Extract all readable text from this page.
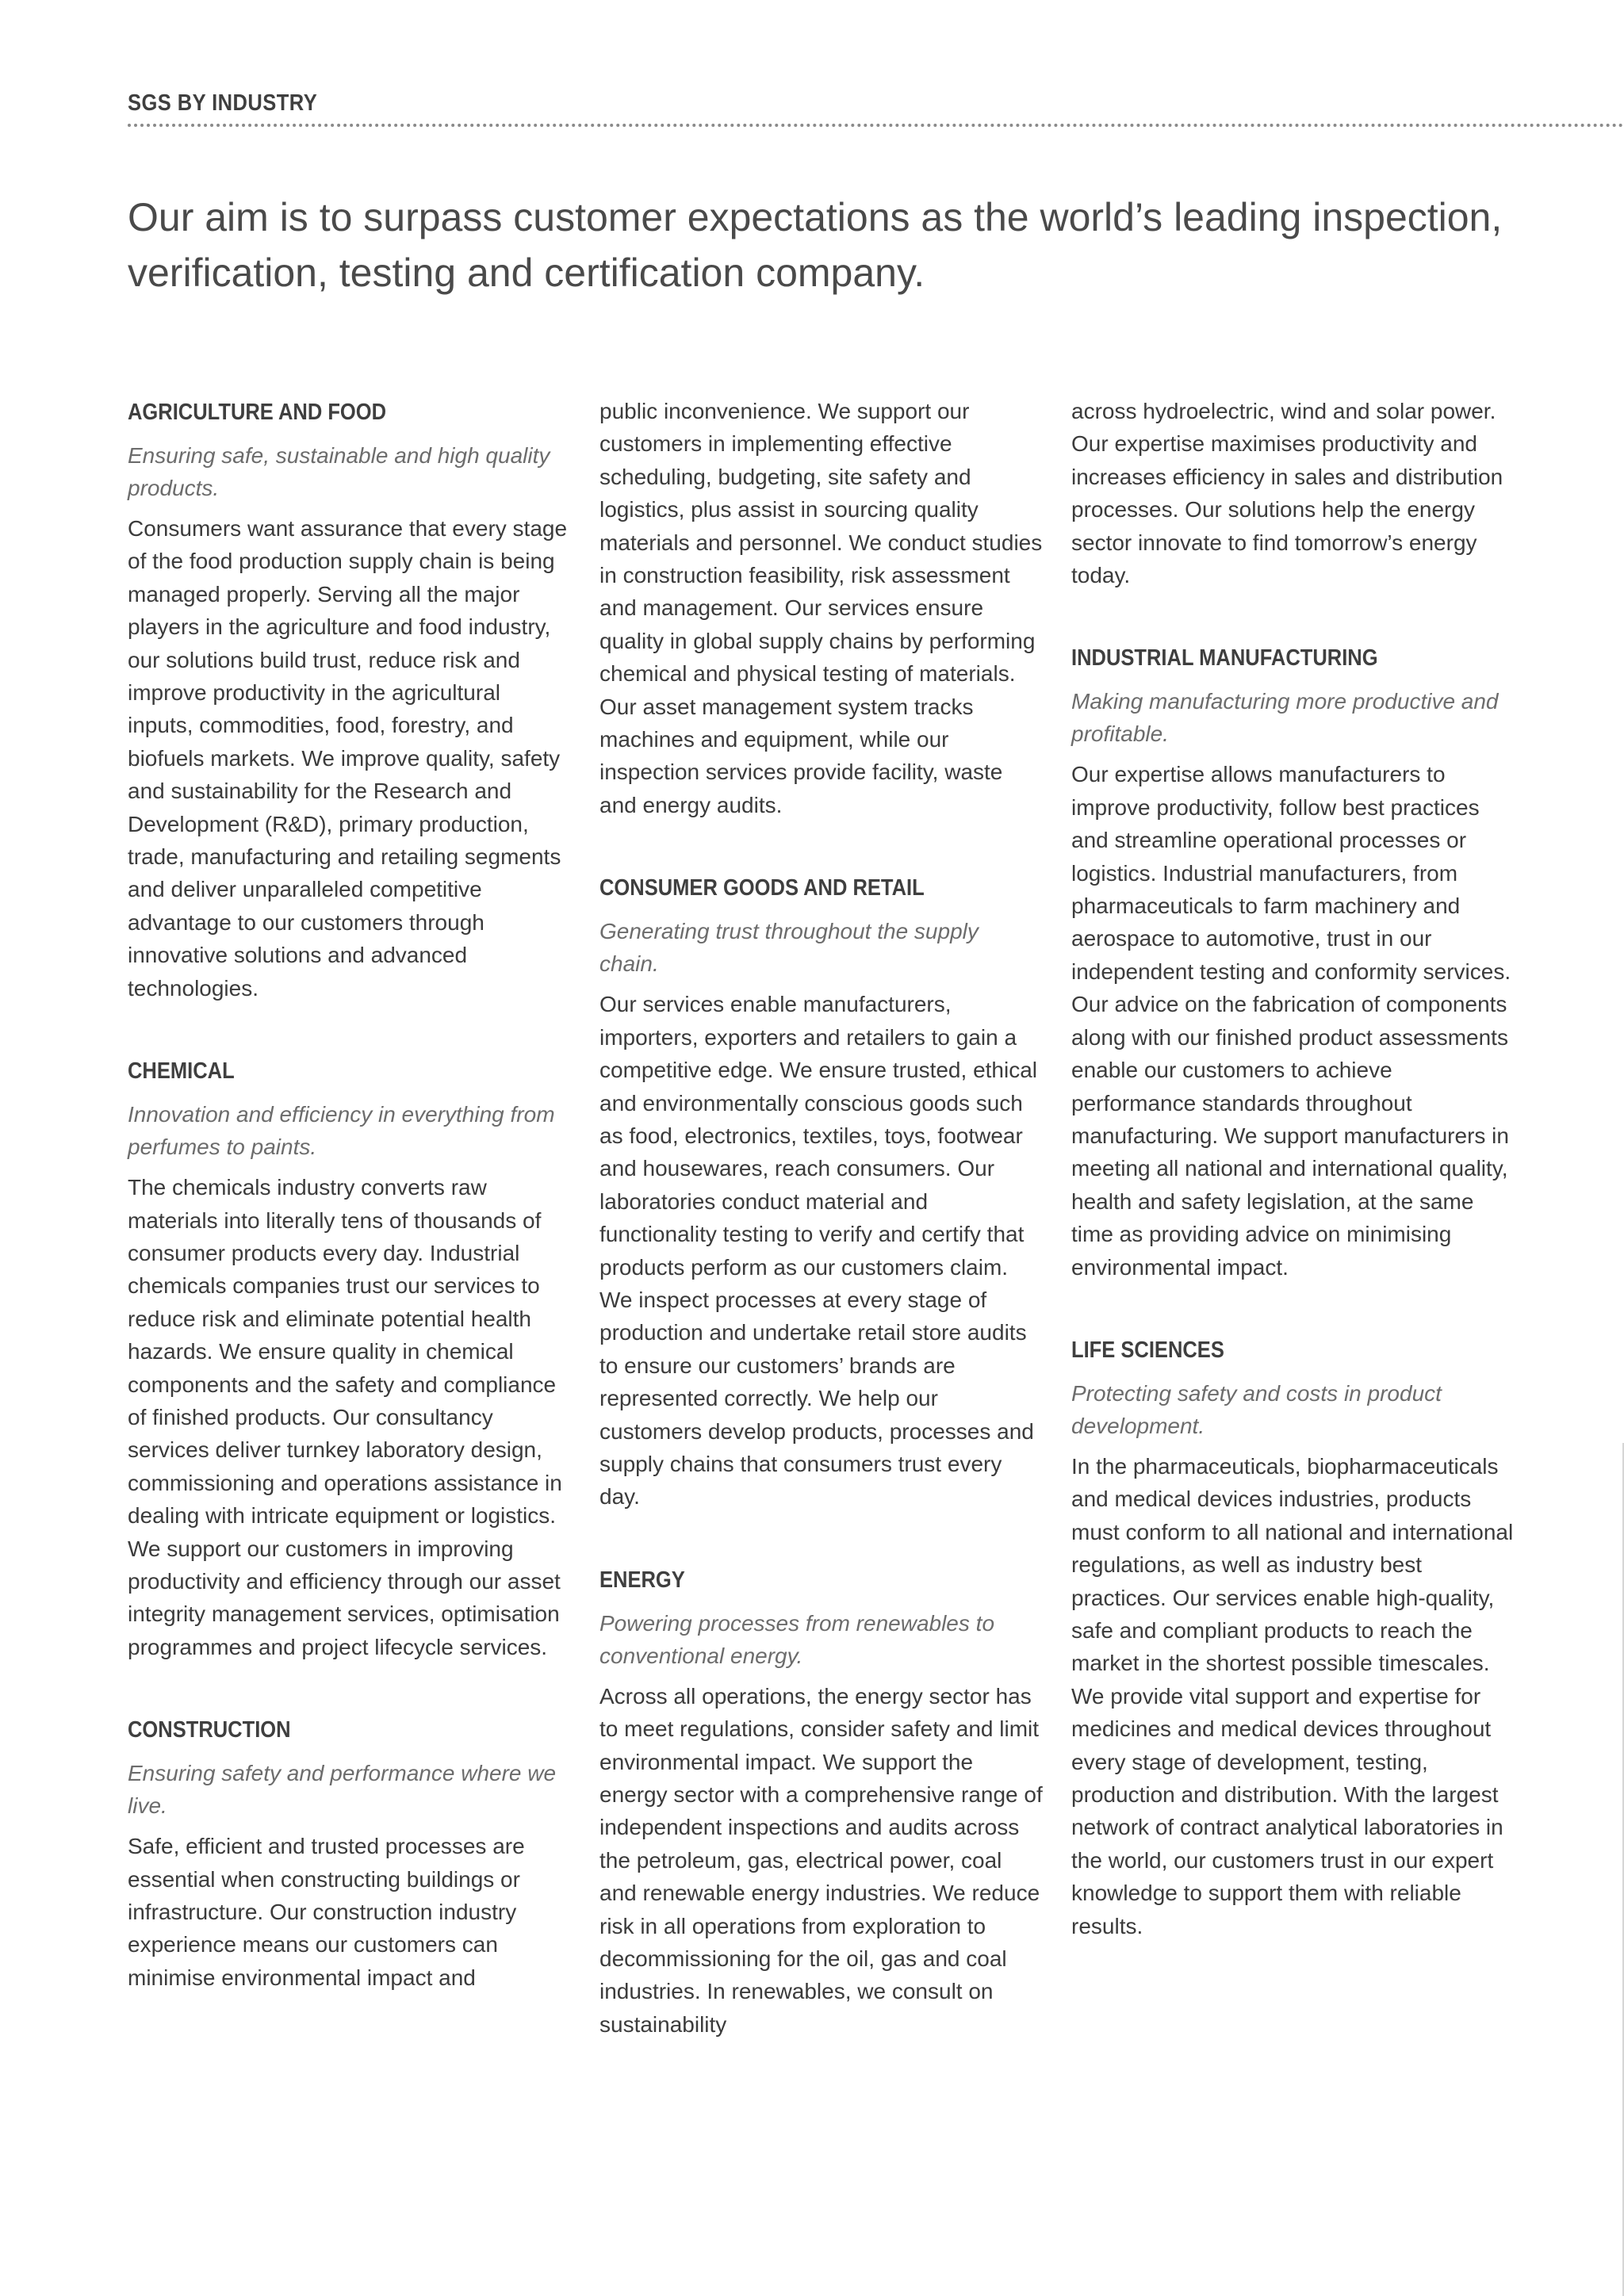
SGS BY INDUSTRY
Our aim is to surpass customer expectations as the world’s leading inspection, verification, testing and certification company.
AGRICULTURE AND FOOD

Ensuring safe, sustainable and high quality products.

Consumers want assurance that every stage of the food production supply chain is being managed properly. Serving all the major players in the agriculture and food industry, our solutions build trust, reduce risk and improve productivity in the agricultural inputs, commodities, food, forestry, and biofuels markets. We improve quality, safety and sustainability for the Research and Development (R&D), primary production, trade, manufacturing and retailing segments and deliver unparalleled competitive advantage to our customers through innovative solutions and advanced technologies.

CHEMICAL

Innovation and efficiency in everything from perfumes to paints.

The chemicals industry converts raw materials into literally tens of thousands of consumer products every day. Industrial chemicals companies trust our services to reduce risk and eliminate potential health hazards. We ensure quality in chemical components and the safety and compliance of finished products. Our consultancy services deliver turnkey laboratory design, commissioning and operations assistance in dealing with intricate equipment or logistics. We support our customers in improving productivity and efficiency through our asset integrity management services, optimisation programmes and project lifecycle services.

CONSTRUCTION

Ensuring safety and performance where we live.

Safe, efficient and trusted processes are essential when constructing buildings or infrastructure. Our construction industry experience means our customers can minimise environmental impact and

public inconvenience. We support our customers in implementing effective scheduling, budgeting, site safety and logistics, plus assist in sourcing quality materials and personnel. We conduct studies in construction feasibility, risk assessment and management. Our services ensure quality in global supply chains by performing chemical and physical testing of materials. Our asset management system tracks machines and equipment, while our inspection services provide facility, waste and energy audits.

CONSUMER GOODS AND RETAIL

Generating trust throughout the supply chain.

Our services enable manufacturers, importers, exporters and retailers to gain a competitive edge. We ensure trusted, ethical and environmentally conscious goods such as food, electronics, textiles, toys, footwear and housewares, reach consumers. Our laboratories conduct material and functionality testing to verify and certify that products perform as our customers claim. We inspect processes at every stage of production and undertake retail store audits to ensure our customers’ brands are represented correctly. We help our customers develop products, processes and supply chains that consumers trust every day.

ENERGY

Powering processes from renewables to conventional energy.

Across all operations, the energy sector has to meet regulations, consider safety and limit environmental impact. We support the energy sector with a comprehensive range of independent inspections and audits across the petroleum, gas, electrical power, coal and renewable energy industries. We reduce risk in all operations from exploration to decommissioning for the oil, gas and coal industries. In renewables, we consult on sustainability

across hydroelectric, wind and solar power. Our expertise maximises productivity and increases efficiency in sales and distribution processes. Our solutions help the energy sector innovate to find tomorrow’s energy today.

INDUSTRIAL MANUFACTURING

Making manufacturing more productive and profitable.

Our expertise allows manufacturers to improve productivity, follow best practices and streamline operational processes or logistics. Industrial manufacturers, from pharmaceuticals to farm machinery and aerospace to automotive, trust in our independent testing and conformity services. Our advice on the fabrication of components along with our finished product assessments enable our customers to achieve performance standards throughout manufacturing. We support manufacturers in meeting all national and international quality, health and safety legislation, at the same time as providing advice on minimising environmental impact.

LIFE SCIENCES

Protecting safety and costs in product development.

In the pharmaceuticals, biopharmaceuticals and medical devices industries, products must conform to all national and international regulations, as well as industry best practices. Our services enable high-quality, safe and compliant products to reach the market in the shortest possible timescales. We provide vital support and expertise for medicines and medical devices throughout every stage of development, testing, production and distribution. With the largest network of contract analytical laboratories in the world, our customers trust in our expert knowledge to support them with reliable results.
